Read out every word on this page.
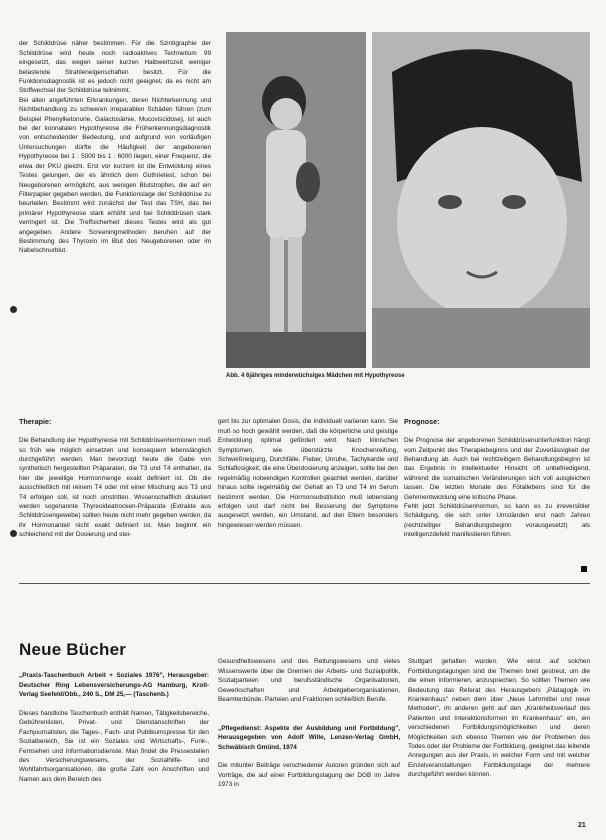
der Schilddrüse näher bestimmen. Für die Szintigraphie der Schilddrüse wird heute noch radioaktives Technetium 99 eingesetzt, das wegen seiner kurzen Halbwertszeit weniger belastende Strahleneigenschaften besitzt. Für die Funktionsdiagnostik ist es jedoch nicht geeignet, da es nicht am Stoffwechsel der Schilddrüse teilnimmt.
Bei allen angeführten Erkrankungen, deren Nichterkennung und Nichtbehandlung zu schweren irreparablen Schäden führen (zum Beispiel Phenylketonurie, Galactosämie, Mucoviscidose), ist auch bei der konnatalen Hypothyreose die Früherkennungsdiagnostik von entscheidender Bedeutung, und aufgrund von vorläufigen Untersuchungen dürfte die Häufigkeit der angeborenen Hypothyreose bei 1 : 5000 bis 1 : 6000 liegen, einer Frequenz, die etwa der PKU gleicht. Erst vor kurzem ist die Entwicklung eines Testes gelungen, der es ähnlich dem Guthrietest, schon bei Neugeborenen ermöglicht, aus wenigen Blutstropfen, die auf ein Filterpapier gegeben werden, die Funktionslage der Schilddrüse zu beurteilen. Bestimmt wird zunächst der Test das TSH, das bei primärer Hypothyreose stark erhöht und bei Schilddrüsen stark verringert ist. Die Treffsicherheit dieses Testes wird als gut angegeben. Andere Screeningmethoden beruhen auf der Bestimmung des Thyroxin im Blut des Neugeborenen oder im Nabelschnurblut.

Abb. 4 6jähriges minderwüchsiges Mädchen mit Hypothyreose

Therapie:

Die Behandlung der Hypothyreose mit Schilddrüsenhormonen muß so früh wie möglich einsetzen und konsequent lebenslänglich durchgeführt werden. Man bevorzugt heute die Gabe von synthetisch hergestellten Präparaten, die T3 und T4 enthalten, da hier die jeweilige Hormonmenge exakt definiert ist. Ob die ausschließlich mit reinem T4 oder mit einer Mischung aus T3 und T4 erfolgen soll, ist noch umstritten. Wissenschaftlich diskutiert werden sogenannte Thyreoideatrocken-Präparate (Extrakte aus Schilddrüsengewebe) sollten heute nicht mehr gegeben werden, da ihr Hormonanteil nicht exakt definiert ist. Man beginnt ein schleichend mit der Dosierung und stei-

gert bis zur optimalen Dosis, die individuell variieren kann. Sie muß so hoch gewählt werden, daß die körperliche und geistige Entwicklung optimal gefördert wird. Nach klinischen Symptomen, wie überstürzte Knochenreifung, Schweißneigung, Durchfälle, Fieber, Unruhe, Tachykardie und Schlaflosigkeit, die eine Überdosierung anzeigen, sollte bei den regelmäßig notwendigen Kontrollen geachtet werden, darüber hinaus sollte regelmäßig der Gehalt an T3 und T4 im Serum bestimmt werden. Die Hormonsubstitution muß lebenslang erfolgen und darf nicht bei Besserung der Symptome ausgesetzt werden, ein Umstand, auf den Eltern besonders hingewiesen werden müssen.

Prognose:

Die Prognose der angeborenen Schilddrüsenunterfunktion hängt vom Zeitpunkt des Therapiebeginns und der Zuverlässigkeit der Behandlung ab. Auch bei rechtzeitigem Behandlungsbeginn ist das Ergebnis in intellektueller Hinsicht oft unbefriedigend, während die somatischen Veränderungen sich voll ausgleichen lassen. Die letzten Monate des Fötallebens sind für die Gehirnentwicklung eine kritische Phase.
Fehlt jetzt Schilddrüsenhormon, so kann es zu irreversibler Schädigung, die sich unter Umständen erst nach Jahren (rechtzeitiger Behandlungsbeginn vorausgesetzt) als intelligenzdefekt manifestieren führen.

Neue Bücher

„Praxis-Taschenbuch Arbeit + Soziales 1976", Herausgeber: Deutscher Ring Lebensversicherungs-AG Hamburg, Kroll-Verlag Seefeld/Obb., 240 S., DM 25,— (Taschenb.)

Dieses handliche Taschenbuch enthält Namen, Tätigkeitsbereiche, Gebührenlisten, Privat- und Dienstanschriften der Fachjournalisten, die Tages-, Fach- und Publikumspresse für den Sozialbereich, Sie ist ein Soziales und Wirtschafts-, Funk-, Fernsehen und Informationsdienste. Man findet die Pressestellen des Versicherungswesens, der Sozialhilfe- und Wohlfahrtsorganisationen, die große Zahl von Anschriften und Namen aus dem Bereich des

Gesundheitswesens und des Rettungswesens und vieles Wissenswerte über die Gremien der Arbeits- und Sozialpolitik, Sozialparteien und berufsständische Organisationen, Gewerkschaften und Arbeitgeberorganisationen, Beamtenbünde, Parteien und Fraktionen schließlich Berufe.

„Pflegedienst: Aspekte der Ausbildung und Fortbildung", Herausgegeben von Adolf Wille, Lenzen-Verlag GmbH, Schwäbisch Gmünd, 1974

Die mitunter Beiträge verschiedener Autoren gründen sich auf Vorträge, die auf einer Fortbildungstagung der DGB im Jahre 1973 in

Stuttgart gehalten wurden. Wie einst auf solchen Fortbildungstagungen sind die Themen breit gestreut, um die die einen informieren, anzusprechen. So sollten Themen wie Bedeutung das Referat des Herausgebers „Pädagogik im Krankenhaus" neben dem über „Neue Lehrmittel und neue Methoden", im anderen geht auf den „Krankheitsverlauf des Patienten und Interaktionsformen im Krankenhaus" ein, ein verschiedenen Fortbildungsmöglichkeiten und deren Möglichkeiten sich ebenso Themen wie der Problemen des Todes oder der Probleme der Fortbildung, geeignet das leitende Anregungen aus der Praxis, in welcher Form und mit welcher Einzelveranstaltungen Fortbildungstage der mehrere durchgeführt werden können.

21
